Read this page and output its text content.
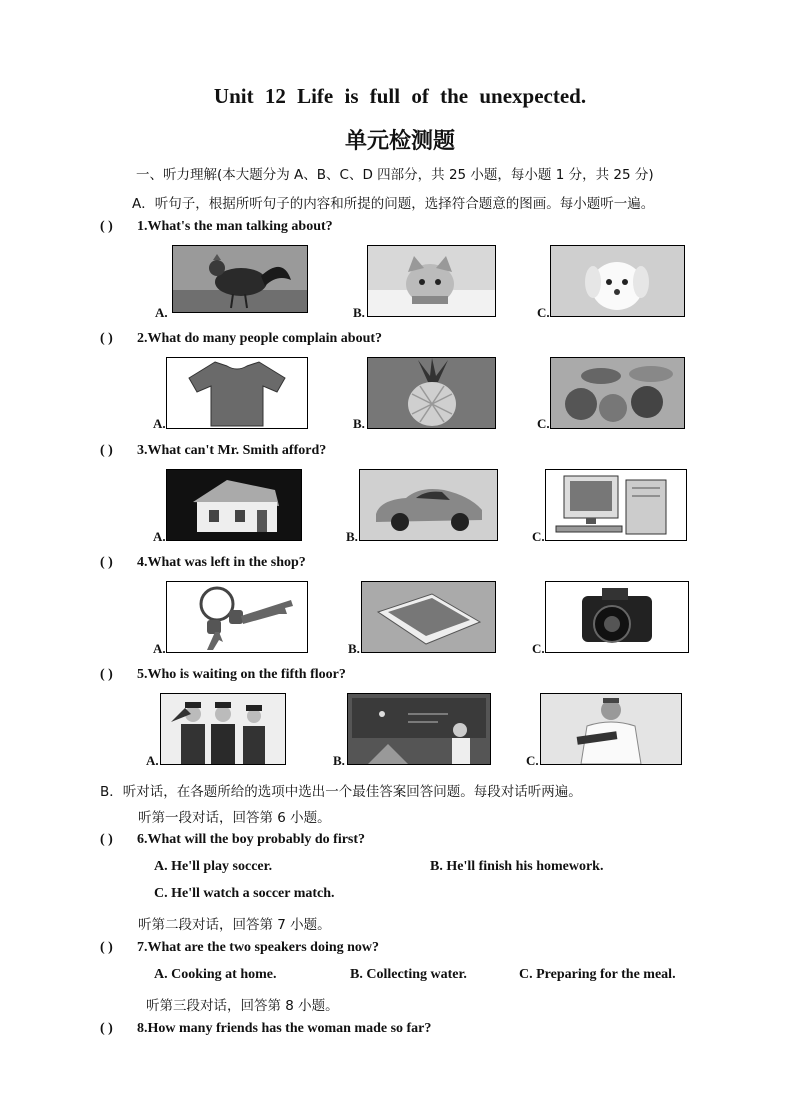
Unit 12 Life is full of the unexpected.
单元检测题
一、听力理解(本大题分为 A、B、C、D 四部分，共 25 小题，每小题 1 分，共 25 分)
A．听句子，根据所听句子的内容和所提的问题，选择符合题意的图画。每小题听一遍。
( ) 1.What's the man talking about?
A.	B.	C.
( ) 2.What do many people complain about?
A.	B.	C.
( ) 3.What can't Mr. Smith afford?
A.	B.	C.
( ) 4.What was left in the shop?
A.	B.	C.
( ) 5.Who is waiting on the fifth floor?
A.	B.	C.
B．听对话，在各题所给的选项中选出一个最佳答案回答问题。每段对话听两遍。
听第一段对话，回答第 6 小题。
( ) 6.What will the boy probably do first?
A. He'll play soccer.	B. He'll finish his homework.
C. He'll watch a soccer match.
听第二段对话，回答第 7 小题。
( ) 7.What are the two speakers doing now?
A. Cooking at home.	B. Collecting water.	C. Preparing for the meal.
听第三段对话，回答第 8 小题。
( ) 8.How many friends has the woman made so far?
